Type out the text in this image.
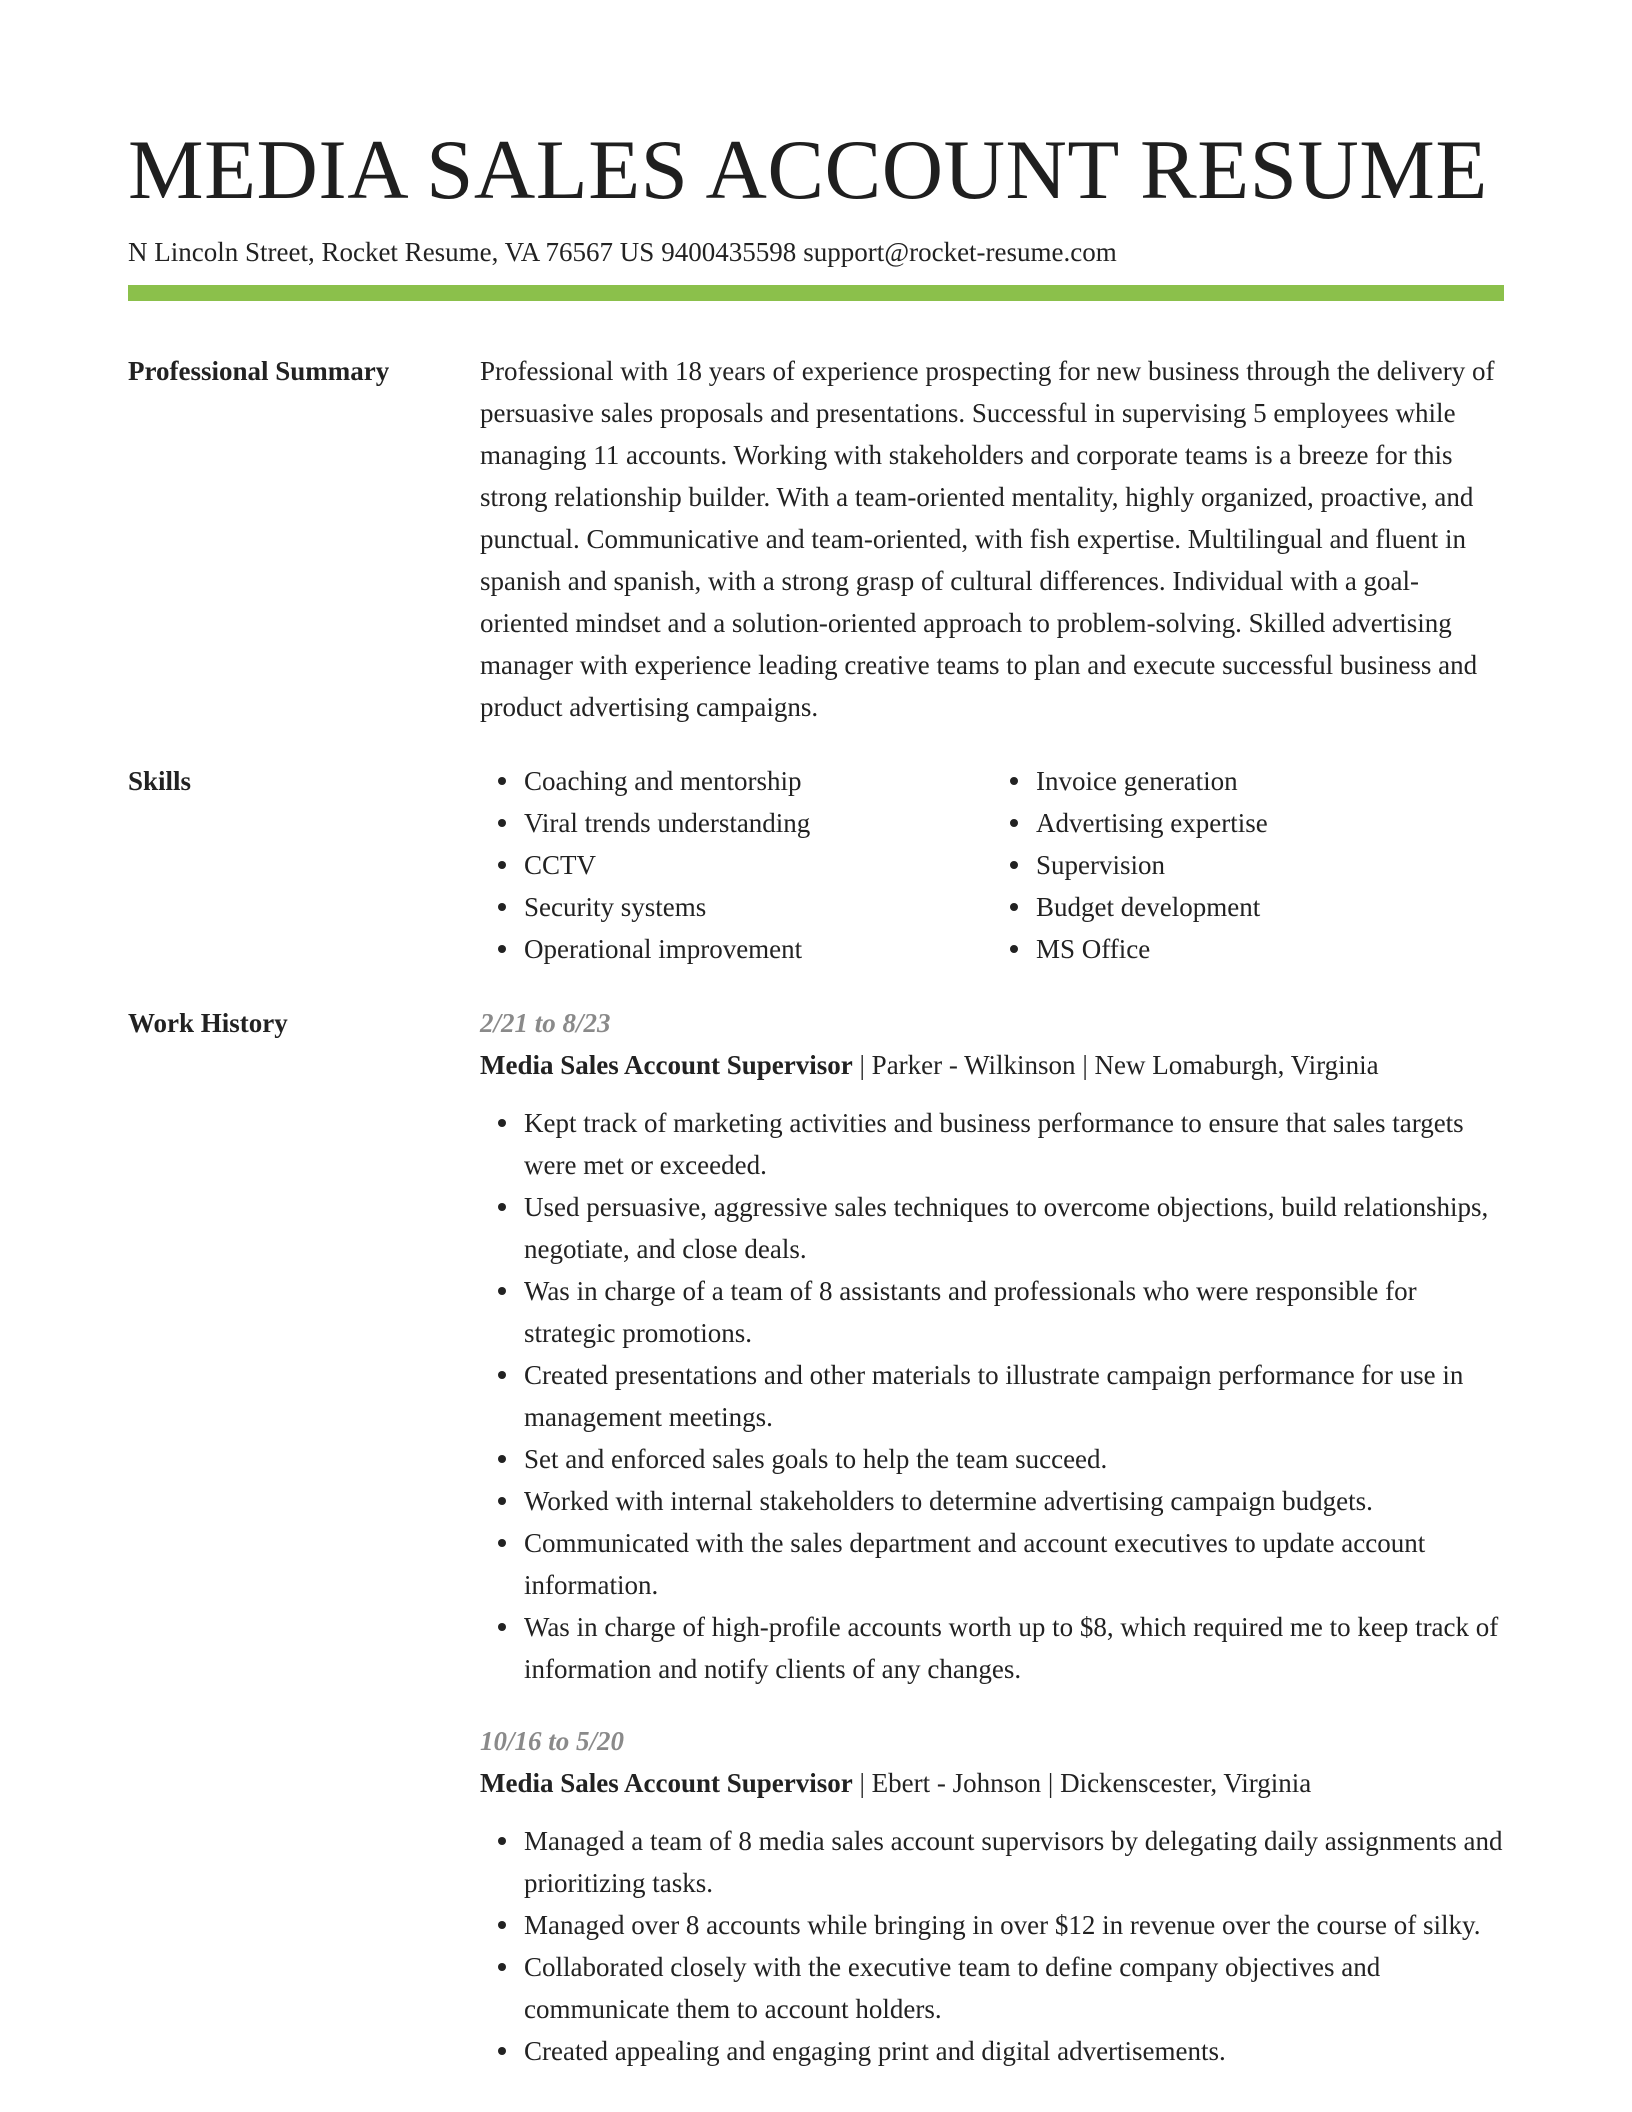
MEDIA SALES ACCOUNT RESUME
N Lincoln Street, Rocket Resume, VA 76567 US 9400435598 support@rocket-resume.com
Professional Summary	Professional with 18 years of experience prospecting for new business through the delivery of persuasive sales proposals and presentations. Successful in supervising 5 employees while managing 11 accounts. Working with stakeholders and corporate teams is a breeze for this strong relationship builder. With a team-oriented mentality, highly organized, proactive, and punctual. Communicative and team-oriented, with fish expertise. Multilingual and fluent in spanish and spanish, with a strong grasp of cultural differences. Individual with a goal-oriented mindset and a solution-oriented approach to problem-solving. Skilled advertising manager with experience leading creative teams to plan and execute successful business and product advertising campaigns.

Skills	Coaching and mentorship
Viral trends understanding
CCTV
Security systems
Operational improvement
Invoice generation
Advertising expertise
Supervision
Budget development
MS Office
Work History	2/21 to 8/23
Media Sales Account Supervisor | Parker - Wilkinson | New Lomaburgh, Virginia
Kept track of marketing activities and business performance to ensure that sales targets were met or exceeded.
Used persuasive, aggressive sales techniques to overcome objections, build relationships, negotiate, and close deals.
Was in charge of a team of 8 assistants and professionals who were responsible for strategic promotions.
Created presentations and other materials to illustrate campaign performance for use in management meetings.
Set and enforced sales goals to help the team succeed.
Worked with internal stakeholders to determine advertising campaign budgets.
Communicated with the sales department and account executives to update account information.
Was in charge of high-profile accounts worth up to $8, which required me to keep track of information and notify clients of any changes.
10/16 to 5/20
Media Sales Account Supervisor | Ebert - Johnson | Dickenscester, Virginia
Managed a team of 8 media sales account supervisors by delegating daily assignments and prioritizing tasks.
Managed over 8 accounts while bringing in over $12 in revenue over the course of silky.
Collaborated closely with the executive team to define company objectives and communicate them to account holders.
Created appealing and engaging print and digital advertisements.
